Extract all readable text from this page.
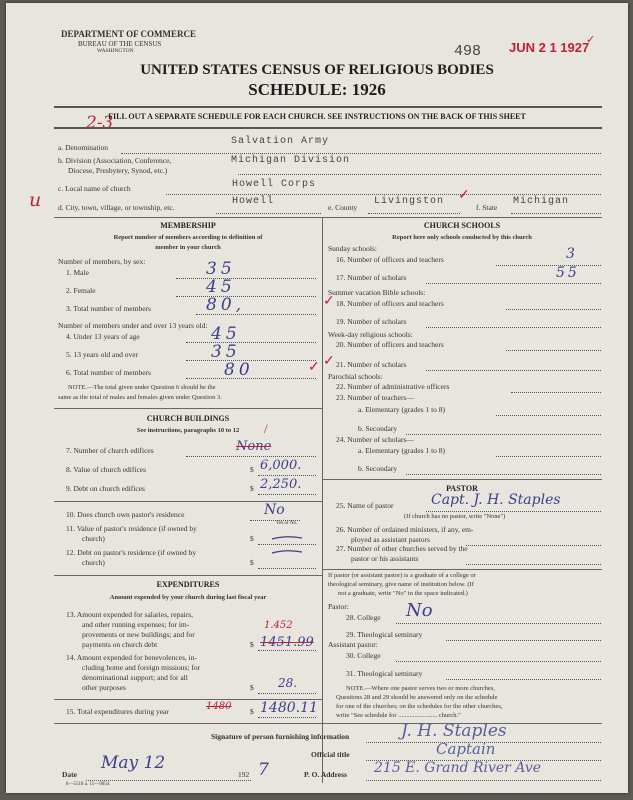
DEPARTMENT OF COMMERCE
BUREAU OF THE CENSUS
WASHINGTON	498 JUN 2 1 1927
✓
UNITED STATES CENSUS OF RELIGIOUS BODIES
SCHEDULE: 1926
2-3
FILL OUT A SEPARATE SCHEDULE FOR EACH CHURCH. SEE INSTRUCTIONS ON THE BACK OF THIS SHEET
a. Denomination
Salvation Army
b. Division (Association, Conference,
Diocese, Presbytery, Synod, etc.)
Michigan Division
c. Local name of church	Howell Corps
u d. City, town, village, or township, etc.
Howell
e. County
Livingston ✓
f. State
Michigan
MEMBERSHIP
Report number of members according to definition of
member in your church
Number of members, by sex:
1. Male	35
2. Female	45
3. Total number of members	80,
Number of members under and over 13 years old:
4. Under 13 years of age	45
5. 13 years old and over	35
6. Total number of members	80	✓
NOTE.—The total given under Question 6 should be the
same as the total of males and females given under Question 3.
CHURCH BUILDINGS
See instructions, paragraphs 10 to 12	/
7. Number of church edifices	None
8. Value of church edifices	$ 6,000.
9. Debt on church edifices	$ 2,250.
10. Does church own pastor's residence	No
Yes or No.
11. Value of pastor's residence (if owned by
church)	$
12. Debt on pastor's residence (if owned by
church)	$
EXPENDITURES
Amount expended by your church during last fiscal year
13. Amount expended for salaries, repairs,
and other running expenses; for im-
provements or new buildings; and for
payments on church debt	$
1.452
1451.99
14. Amount expended for benevolences, in-
cluding home and foreign missions; for
denominational support; and for all
other purposes	$ 28.
15. Total expenditures during year	$
1480 1480.11
CHURCH SCHOOLS
Report here only schools conducted by this church
Sunday schools:
16. Number of officers and teachers	3
17. Number of scholars	55
Summer vacation Bible schools:
18. Number of officers and teachers
✓
19. Number of scholars
Week-day religious schools:
20. Number of officers and teachers
21. Number of scholars
✓
Parochial schools:
22. Number of administrative officers
23. Number of teachers—
a. Elementary (grades 1 to 8)
b. Secondary
24. Number of scholars—
a. Elementary (grades 1 to 8)
b. Secondary
PASTOR
25. Name of pastor	Capt. J. H. Staples
(If church has no pastor, write "None")
26. Number of ordained ministers, if any, em-
ployed as assistant pastors
27. Number of other churches served by the
pastor or his assistants
If pastor (or assistant pastor) is a graduate of a college or
theological seminary, give name of institution below. (If
not a graduate, write "No" in the space indicated.)
Pastor:
28. College No
29. Theological seminary
Assistant pastor:
30. College
31. Theological seminary
NOTE.—Where one pastor serves two or more churches,
Questions 28 and 29 should be answered only on the schedule
for one of the churches; on the schedules for the other churches,
write "See schedule for ........................ church."
Signature of person furnishing information	J. H. Staples
Official title	Captain
Date
May 12
192 7
8—5518 a. 11—9054
P. O. Address 215 E. Grand River Ave
